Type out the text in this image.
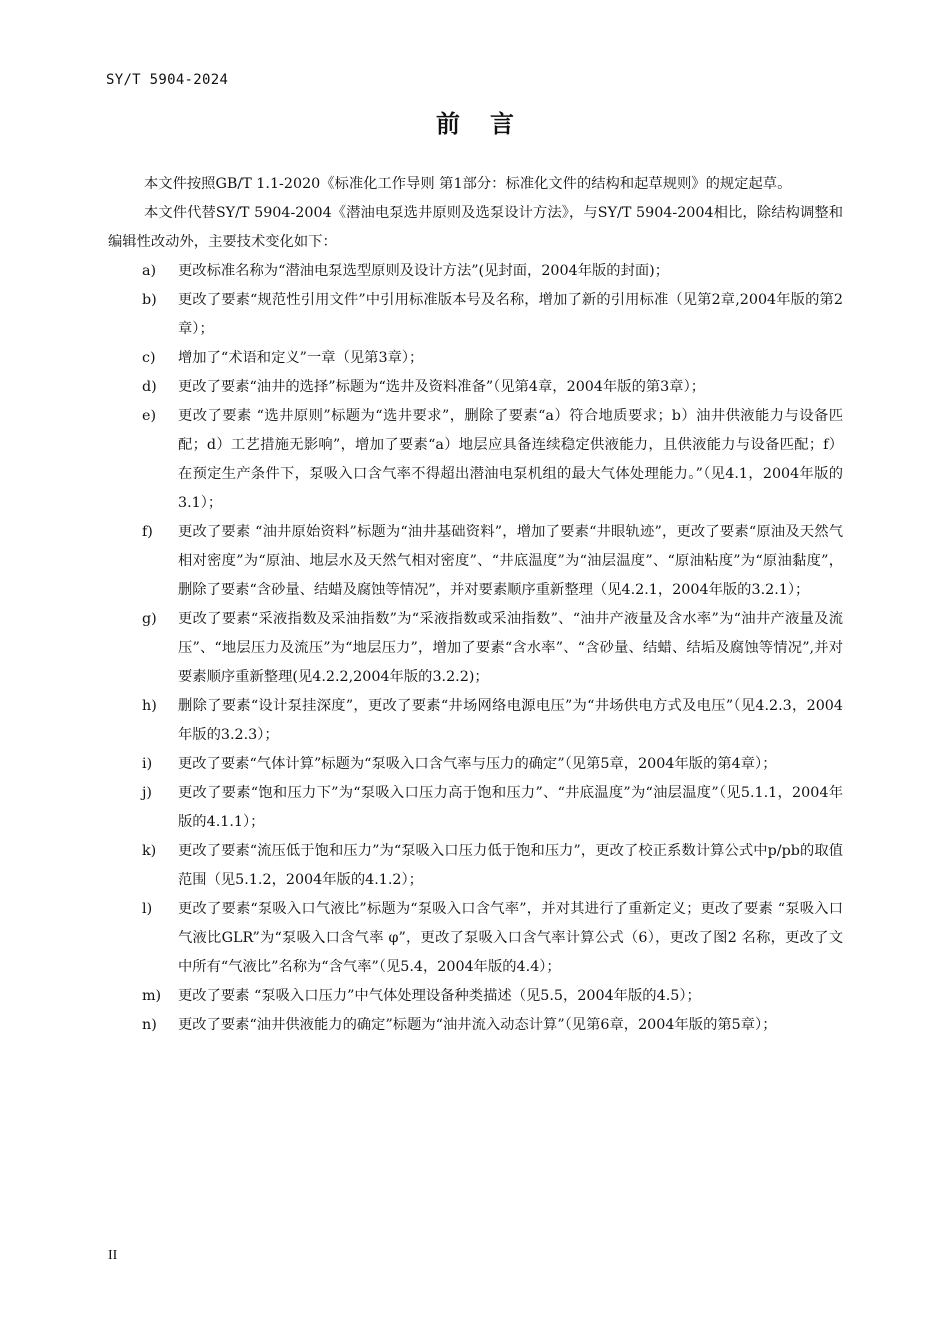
SY/T 5904-2024
前言

本文件按照GB/T 1.1-2020《标准化工作导则 第1部分：标准化文件的结构和起草规则》的规定起草。

本文件代替SY/T 5904-2004《潜油电泵选井原则及选泵设计方法》，与SY/T 5904-2004相比，除结构调整和编辑性改动外，主要技术变化如下：

a) 更改标准名称为“潜油电泵选型原则及设计方法”(见封面，2004年版的封面)；
b) 更改了要素“规范性引用文件”中引用标准版本号及名称，增加了新的引用标准（见第2章,2004年版的第2章）；
c) 增加了“术语和定义”一章（见第3章）；
d) 更改了要素“油井的选择”标题为“选井及资料准备”（见第4章，2004年版的第3章）；
e) 更改了要素 “选井原则”标题为“选井要求”，删除了要素“a）符合地质要求；b）油井供液能力与设备匹配；d）工艺措施无影响”，增加了要素“a）地层应具备连续稳定供液能力，且供液能力与设备匹配；f）在预定生产条件下，泵吸入口含气率不得超出潜油电泵机组的最大气体处理能力。”（见4.1，2004年版的3.1）；
f) 更改了要素 “油井原始资料”标题为“油井基础资料”，增加了要素“井眼轨迹”，更改了要素“原油及天然气相对密度”为“原油、地层水及天然气相对密度”、“井底温度”为“油层温度”、“原油粘度”为“原油黏度”，删除了要素“含砂量、结蜡及腐蚀等情况”，并对要素顺序重新整理（见4.2.1，2004年版的3.2.1）；
g) 更改了要素“采液指数及采油指数”为“采液指数或采油指数”、“油井产液量及含水率”为“油井产液量及流压”、“地层压力及流压”为“地层压力”，增加了要素“含水率”、“含砂量、结蜡、结垢及腐蚀等情况”,并对要素顺序重新整理(见4.2.2,2004年版的3.2.2)；
h) 删除了要素“设计泵挂深度”，更改了要素“井场网络电源电压”为“井场供电方式及电压”（见4.2.3，2004年版的3.2.3）；
i) 更改了要素“气体计算”标题为“泵吸入口含气率与压力的确定”（见第5章，2004年版的第4章）；
j) 更改了要素“饱和压力下”为“泵吸入口压力高于饱和压力”、“井底温度”为“油层温度”（见5.1.1，2004年版的4.1.1）；
k) 更改了要素“流压低于饱和压力”为“泵吸入口压力低于饱和压力”，更改了校正系数计算公式中p/pb的取值范围（见5.1.2，2004年版的4.1.2）；
l) 更改了要素“泵吸入口气液比”标题为“泵吸入口含气率”，并对其进行了重新定义；更改了要素 “泵吸入口气液比GLR”为“泵吸入口含气率 φ”，更改了泵吸入口含气率计算公式（6），更改了图2 名称，更改了文中所有“气液比”名称为“含气率”（见5.4，2004年版的4.4）；
m) 更改了要素 “泵吸入口压力”中气体处理设备种类描述（见5.5，2004年版的4.5）；
n) 更改了要素“油井供液能力的确定”标题为“油井流入动态计算”（见第6章，2004年版的第5章）；
II
